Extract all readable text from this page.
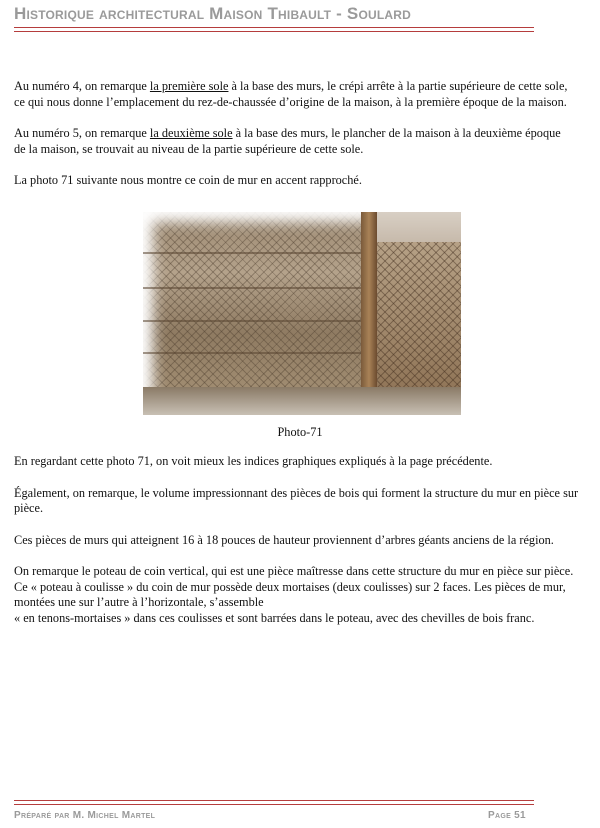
Historique architectural Maison Thibault - Soulard

Au numéro 4, on remarque la première sole à la base des murs, le crépi arrête à la partie supérieure de cette sole, ce qui nous donne l’emplacement du rez-de-chaussée d’origine de la maison, à la première époque de la maison.

Au numéro 5, on remarque la deuxième sole à la base des murs, le plancher de la maison à la deuxième époque de la maison, se trouvait au niveau de la partie supérieure de cette sole.

La photo 71 suivante nous montre ce coin de mur en accent rapproché.

Photo-71

En regardant cette photo 71, on voit mieux les indices graphiques expliqués à la page précédente.

Également, on remarque, le volume impressionnant des pièces de bois qui forment la structure du mur en pièce sur pièce.

Ces pièces de murs qui atteignent 16 à 18 pouces de hauteur proviennent d’arbres géants anciens de la région.

On remarque le poteau de coin vertical, qui est une pièce maîtresse dans cette structure du mur en pièce sur pièce. Ce « poteau à coulisse » du coin de mur possède deux mortaises (deux coulisses) sur 2 faces. Les pièces de mur, montées une sur l’autre à l’horizontale, s’assemble
« en tenons-mortaises » dans ces coulisses et sont barrées dans le poteau, avec des chevilles de bois franc.

Préparé par M. Michel Martel	Page 51
